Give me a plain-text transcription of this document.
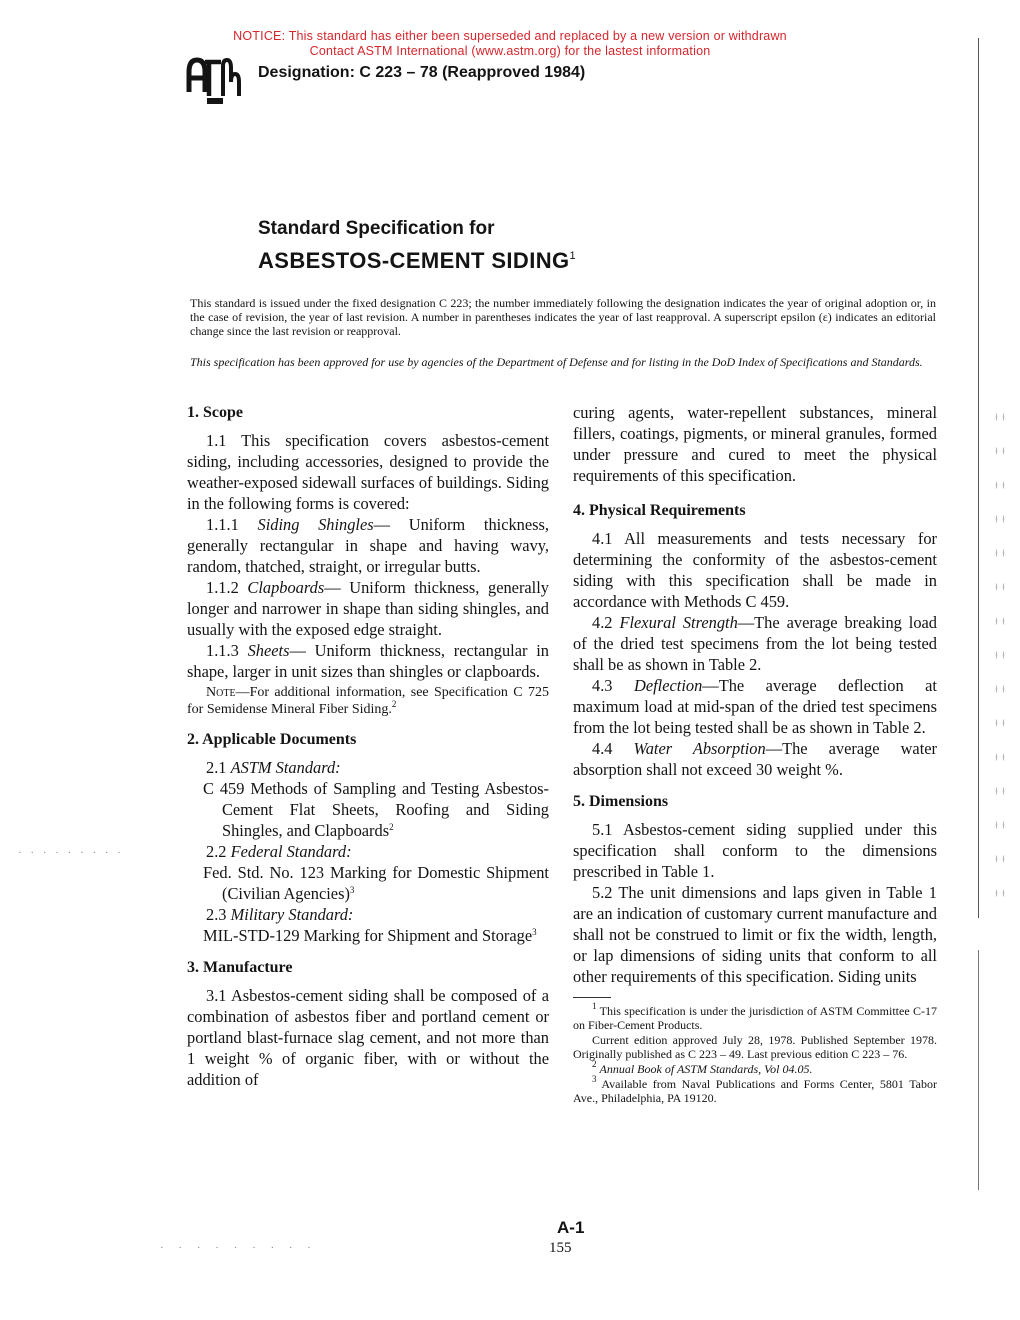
NOTICE: This standard has either been superseded and replaced by a new version or withdrawn
Contact ASTM International (www.astm.org) for the lastest information
Designation: C 223 – 78 (Reapproved 1984)
· · · · · · · · ·
· · · · · · · · ·
Standard Specification for
ASBESTOS-CEMENT SIDING$^1$
This standard is issued under the fixed designation C 223; the number immediately following the designation indicates the year of original adoption or, in the case of revision, the year of last revision. A number in parentheses indicates the year of last reapproval. A superscript epsilon (ε) indicates an editorial change since the last revision or reapproval.
This specification has been approved for use by agencies of the Department of Defense and for listing in the DoD Index of Specifications and Standards.
1. Scope

1.1 This specification covers asbestos-cement siding, including accessories, designed to provide the weather-exposed sidewall surfaces of buildings. Siding in the following forms is covered:

1.1.1 Siding Shingles— Uniform thickness, generally rectangular in shape and having wavy, random, thatched, straight, or irregular butts.

1.1.2 Clapboards— Uniform thickness, generally longer and narrower in shape than siding shingles, and usually with the exposed edge straight.

1.1.3 Sheets— Uniform thickness, rectangular in shape, larger in unit sizes than shingles or clapboards.

Note—For additional information, see Specification C 725 for Semidense Mineral Fiber Siding.$^2$

2. Applicable Documents

2.1 ASTM Standard:

C 459 Methods of Sampling and Testing Asbestos-Cement Flat Sheets, Roofing and Siding Shingles, and Clapboards$^2$

2.2 Federal Standard:

Fed. Std. No. 123 Marking for Domestic Shipment (Civilian Agencies)$^3$

2.3 Military Standard:

MIL-STD-129 Marking for Shipment and Storage$^3$

3. Manufacture

3.1 Asbestos-cement siding shall be composed of a combination of asbestos fiber and portland cement or portland blast-furnace slag cement, and not more than 1 weight % of organic fiber, with or without the addition of

curing agents, water-repellent substances, mineral fillers, coatings, pigments, or mineral granules, formed under pressure and cured to meet the physical requirements of this specification.

4. Physical Requirements

4.1 All measurements and tests necessary for determining the conformity of the asbestos-cement siding with this specification shall be made in accordance with Methods C 459.

4.2 Flexural Strength—The average breaking load of the dried test specimens from the lot being tested shall be as shown in Table 2.

4.3 Deflection—The average deflection at maximum load at mid-span of the dried test specimens from the lot being tested shall be as shown in Table 2.

4.4 Water Absorption—The average water absorption shall not exceed 30 weight %.

5. Dimensions

5.1 Asbestos-cement siding supplied under this specification shall conform to the dimensions prescribed in Table 1.

5.2 The unit dimensions and laps given in Table 1 are an indication of customary current manufacture and shall not be construed to limit or fix the width, length, or lap dimensions of siding units that conform to all other requirements of this specification. Siding units

$^1$ This specification is under the jurisdiction of ASTM Committee C-17 on Fiber-Cement Products.

Current edition approved July 28, 1978. Published September 1978. Originally published as C 223 – 49. Last previous edition C 223 – 76.

$^2$ Annual Book of ASTM Standards, Vol 04.05.

$^3$ Available from Naval Publications and Forms Center, 5801 Tabor Ave., Philadelphia, PA 19120.

A-1
155
